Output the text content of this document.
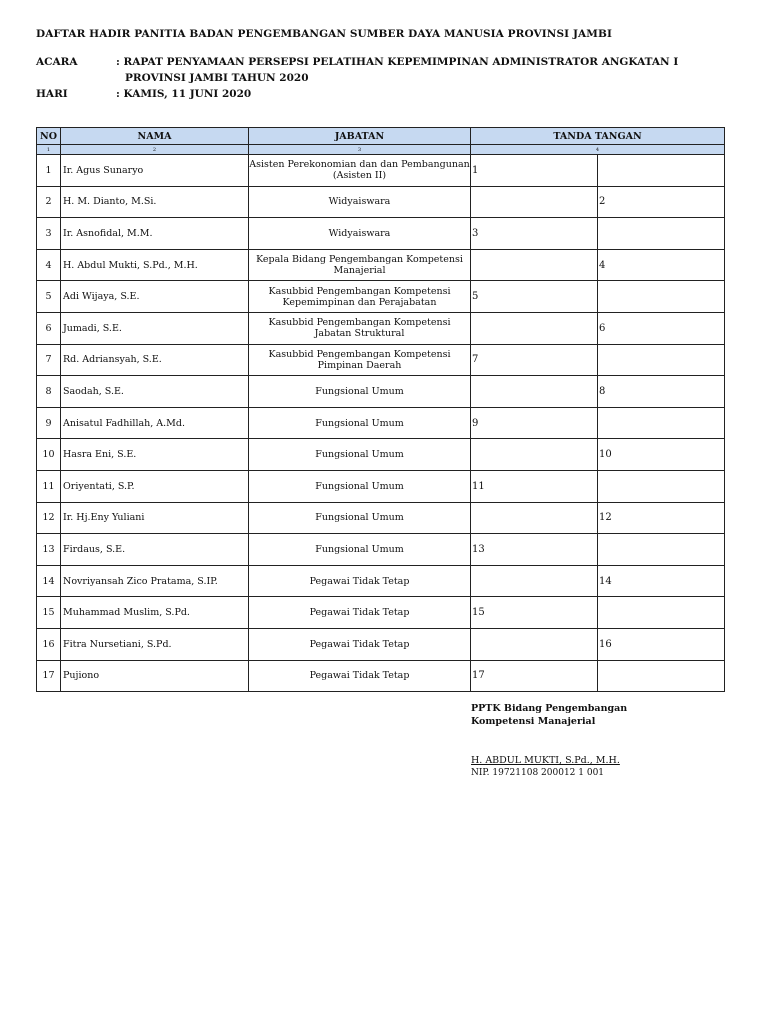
DAFTAR HADIR PANITIA BADAN PENGEMBANGAN SUMBER DAYA MANUSIA PROVINSI JAMBI
ACARA	: RAPAT PENYAMAAN PERSEPSI PELATIHAN KEPEMIMPINAN ADMINISTRATOR ANGKATAN I
PROVINSI JAMBI TAHUN 2020
HARI	: KAMIS, 11 JUNI 2020
NO	NAMA	JABATAN	TANDA TANGAN	
1	2	3	4	
1	Ir. Agus Sunaryo	Asisten Perekonomian dan dan Pembangunan (Asisten II)	1	
2	H. M. Dianto, M.Si.	Widyaiswara		2
3	Ir. Asnofidal, M.M.	Widyaiswara	3	
4	H. Abdul Mukti, S.Pd., M.H.	Kepala Bidang Pengembangan Kompetensi Manajerial		4
5	Adi Wijaya, S.E.	Kasubbid Pengembangan Kompetensi Kepemimpinan dan Perajabatan	5	
6	Jumadi, S.E.	Kasubbid Pengembangan Kompetensi Jabatan Struktural		6
7	Rd. Adriansyah, S.E.	Kasubbid Pengembangan Kompetensi Pimpinan Daerah	7	
8	Saodah, S.E.	Fungsional Umum		8
9	Anisatul Fadhillah, A.Md.	Fungsional Umum	9	
10	Hasra Eni, S.E.	Fungsional Umum		10
11	Oriyentati, S.P.	Fungsional Umum	11	
12	Ir. Hj.Eny Yuliani	Fungsional Umum		12
13	Firdaus, S.E.	Fungsional Umum	13	
14	Novriyansah Zico Pratama, S.IP.	Pegawai Tidak Tetap		14
15	Muhammad Muslim, S.Pd.	Pegawai Tidak Tetap	15	
16	Fitra Nursetiani, S.Pd.	Pegawai Tidak Tetap		16
17	Pujiono	Pegawai Tidak Tetap	17	
PPTK Bidang Pengembangan
Kompetensi Manajerial
H. ABDUL MUKTI, S.Pd., M.H.
NIP. 19721108 200012 1 001
